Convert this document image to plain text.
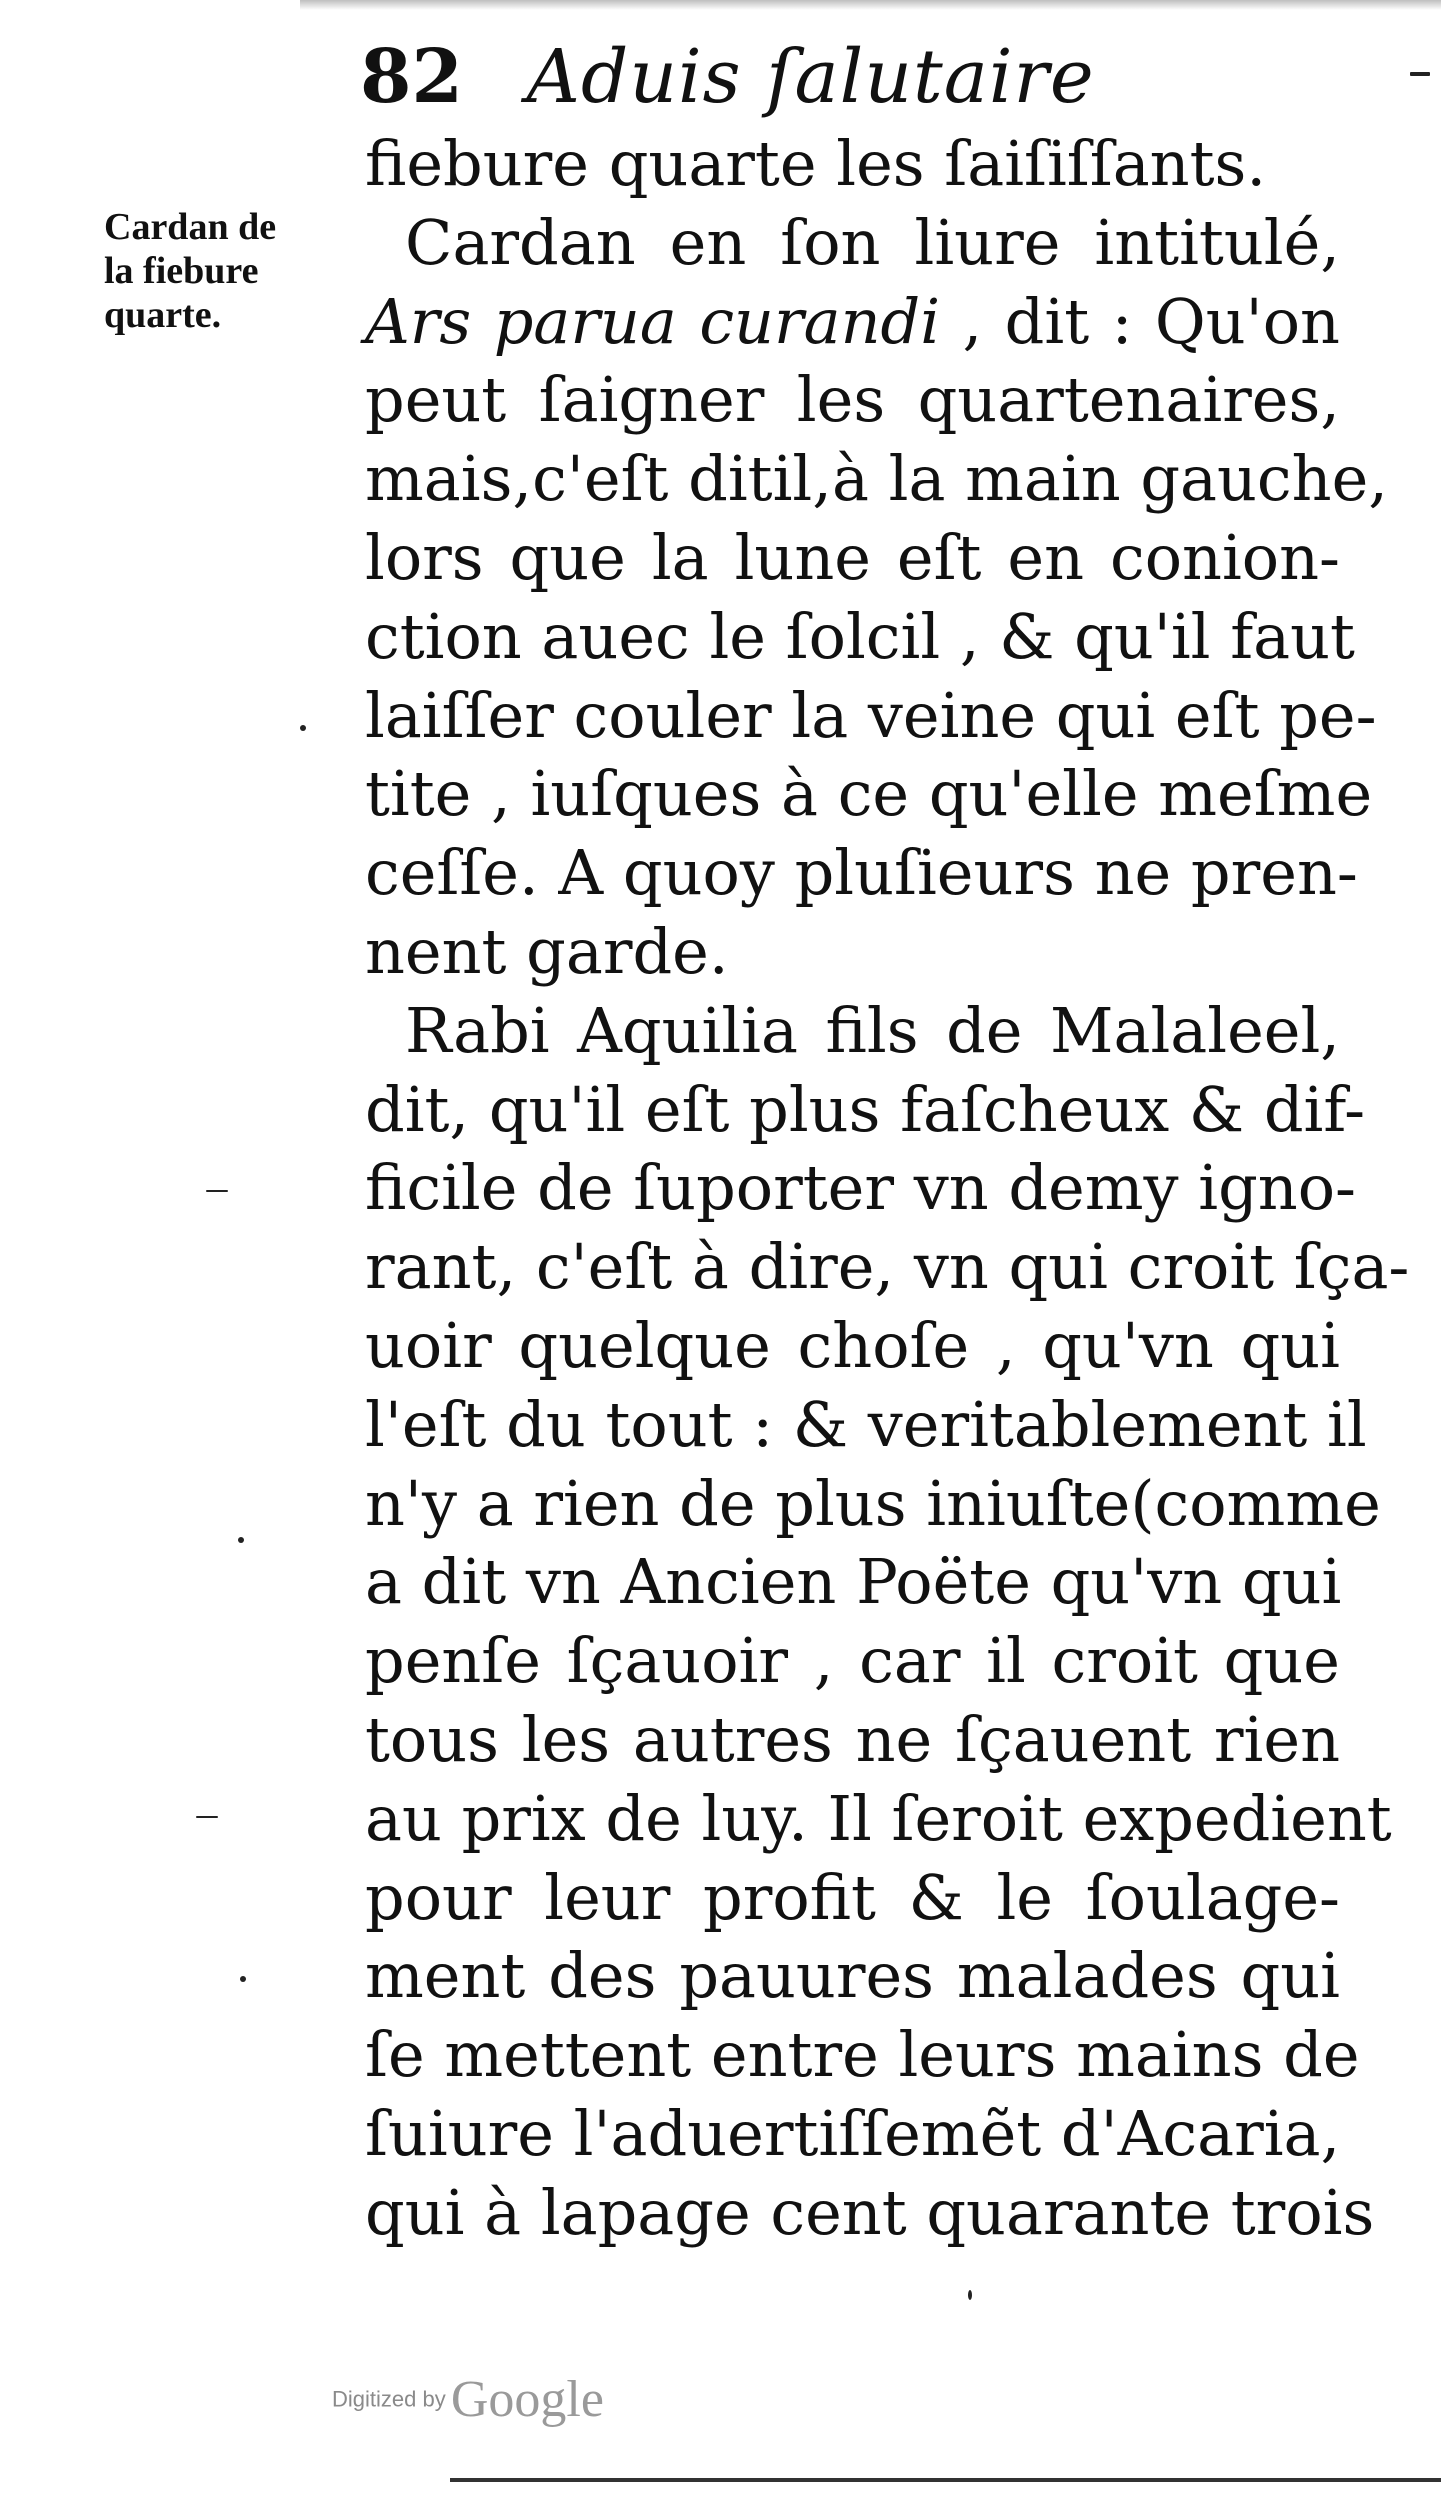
82 Aduis ſalutaire
Cardan de
la fiebure
quarte.
fiebure quarte les ſaiſiſſants.
Cardan en ſon liure intitulé,
Ars parua curandi , dit : Qu'on
peut ſaigner les quartenaires,
mais,c'eſt ditil,à la main gauche,
lors que la lune eſt en conion-
ction auec le ſolcil , & qu'il faut
laiſſer couler la veine qui eſt pe-
tite , iuſques à ce qu'elle meſme
ceſſe. A quoy pluſieurs ne pren-
nent garde.
Rabi Aquilia fils de Malaleel,
dit, qu'il eſt plus faſcheux & dif-
ficile de ſuporter vn demy igno-
rant, c'eſt à dire, vn qui croit ſça-
uoir quelque choſe , qu'vn qui
l'eſt du tout : & veritablement il
n'y a rien de plus iniuſte(comme
a dit vn Ancien Poëte qu'vn qui
penſe ſçauoir , car il croit que
tous les autres ne ſçauent rien
au prix de luy. Il ſeroit expedient
pour leur profit & le ſoulage-
ment des pauures malades qui
ſe mettent entre leurs mains de
ſuiure l'aduertiſſemẽt d'Acaria,
qui à lapage cent quarante trois
Digitized by Google
